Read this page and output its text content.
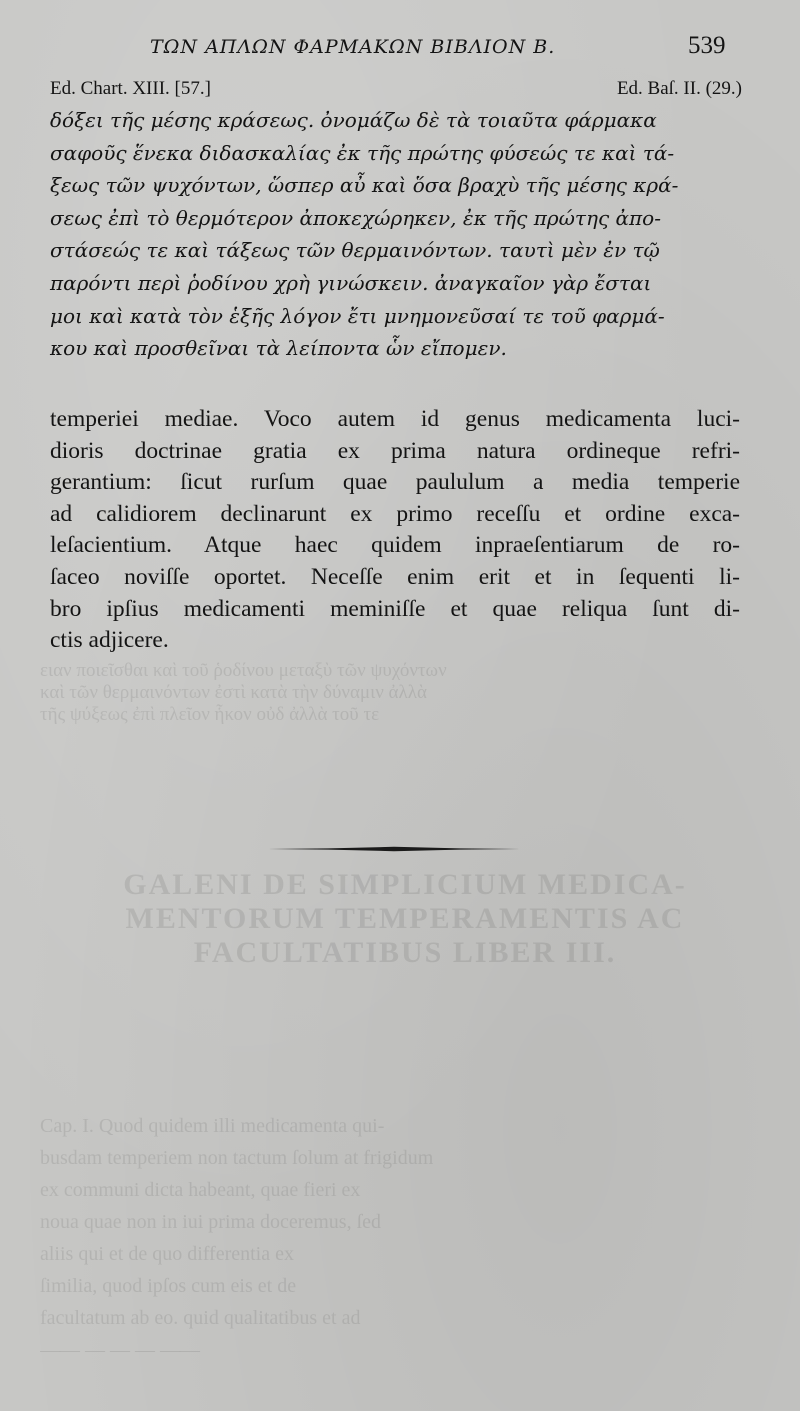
ειαν ποιεῖσθαι καὶ τοῦ ῥοδίνου μεταξὺ τῶν ψυχόντων
καὶ τῶν θερμαινόντων ἐστὶ κατὰ τὴν δύναμιν ἀλλὰ
τῆς ψύξεως ἐπὶ πλεῖον ἧκον οὐδ ἀλλὰ τοῦ τε
GALENI DE SIMPLICIUM MEDICA-
MENTORUM TEMPERAMENTIS AC
FACULTATIBUS LIBER III.
Cap. I. Quod quidem illi medicamenta qui-
busdam temperiem non tactum ſolum at frigidum
ex communi dicta habeant, quae fieri ex
noua quae non in iui prima doceremus, ſed
aliis qui et de quo differentia ex
ſimilia, quod ipſos cum eis et de
facultatum ab eo. quid qualitatibus et ad
—— — — — ——
ΤΩΝ ΑΠΛΩΝ ΦΑΡΜΑΚΩΝ ΒΙΒΛΙΟΝ Β.	539
Ed. Chart. XIII. [57.]	Ed. Baſ. II. (29.)
δόξει τῆς μέσης κράσεως. ὀνομάζω δὲ τὰ τοιαῦτα φάρμακα
σαφοῦς ἕνεκα διδασκαλίας ἐκ τῆς πρώτης φύσεώς τε καὶ τά-
ξεως τῶν ψυχόντων, ὥσπερ αὖ καὶ ὅσα βραχὺ τῆς μέσης κρά-
σεως ἐπὶ τὸ θερμότερον ἀποκεχώρηκεν, ἐκ τῆς πρώτης ἀπο-
στάσεώς τε καὶ τάξεως τῶν θερμαινόντων. ταυτὶ μὲν ἐν τῷ
παρόντι περὶ ῥοδίνου χρὴ γινώσκειν. ἀναγκαῖον γὰρ ἔσται
μοι καὶ κατὰ τὸν ἑξῆς λόγον ἔτι μνημονεῦσαί τε τοῦ φαρμά-
κου καὶ προσθεῖναι τὰ λείποντα ὧν εἴπομεν.
temperiei mediae. Voco autem id genus medicamenta luci-
dioris doctrinae gratia ex prima natura ordineque refri-
gerantium: ſicut rurſum quae paululum a media temperie
ad calidiorem declinarunt ex primo receſſu et ordine exca-
leſacientium. Atque haec quidem inpraeſentiarum de ro-
ſaceo noviſſe oportet. Neceſſe enim erit et in ſequenti li-
bro ipſius medicamenti meminiſſe et quae reliqua ſunt di-
ctis adjicere.
